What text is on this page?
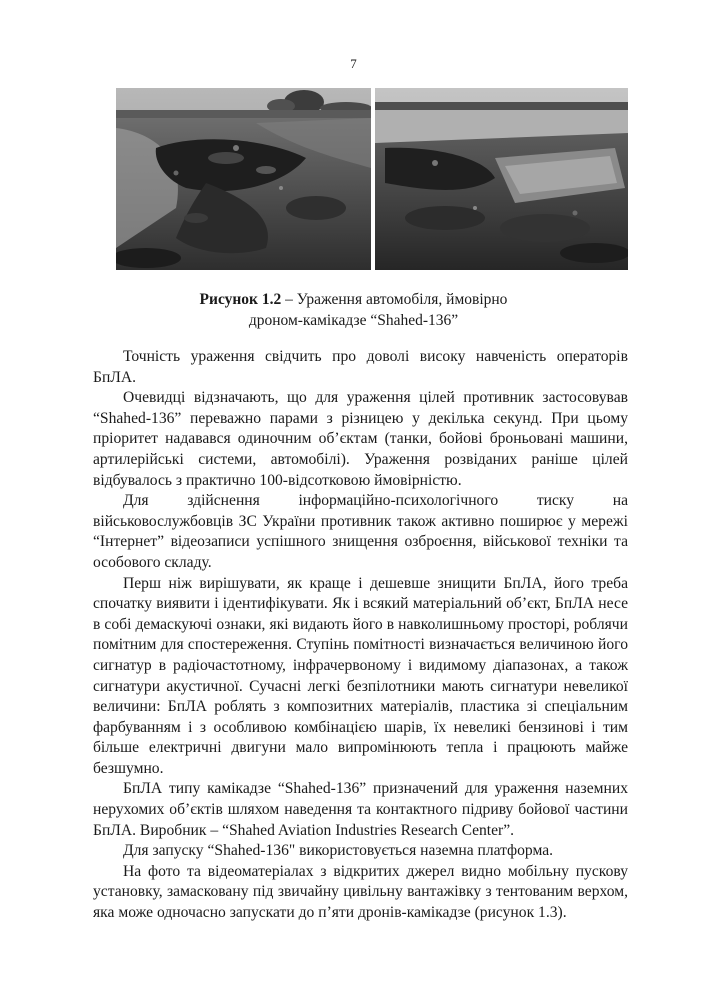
7
Рисунок 1.2 – Ураження автомобіля, ймовірно
дроном-камікадзе “Shahed-136”

Точність ураження свідчить про доволі високу навченість операторів БпЛА.

Очевидці відзначають, що для ураження цілей противник застосовував “Shahed-136” переважно парами з різницею у декілька секунд. При цьому пріоритет надавався одиночним об’єктам (танки, бойові броньовані машини, артилерійські системи, автомобілі). Ураження розвіданих раніше цілей відбувалось з практично 100-відсотковою ймовірністю.

Для здійснення інформаційно-психологічного тиску на військовослужбовців ЗС України противник також активно поширює у мережі “Інтернет” відеозаписи успішного знищення озброєння, військової техніки та особового складу.

Перш ніж вирішувати, як краще і дешевше знищити БпЛА, його треба спочатку виявити і ідентифікувати. Як і всякий матеріальний об’єкт, БпЛА несе в собі демаскуючі ознаки, які видають його в навколишньому просторі, роблячи помітним для спостереження. Ступінь помітності визначається величиною його сигнатур в радіочастотному, інфрачервоному і видимому діапазонах, а також сигнатури акустичної. Сучасні легкі безпілотники мають сигнатури невеликої величини: БпЛА роблять з композитних матеріалів, пластика зі спеціальним фарбуванням і з особливою комбінацією шарів, їх невеликі бензинові і тим більше електричні двигуни мало випромінюють тепла і працюють майже безшумно.

БпЛА типу камікадзе “Shahed-136” призначений для ураження наземних нерухомих об’єктів шляхом наведення та контактного підриву бойової частини БпЛА. Виробник – “Shahed Aviation Industries Research Center”.

Для запуску “Shahed-136" використовується наземна платформа.

На фото та відеоматеріалах з відкритих джерел видно мобільну пускову установку, замасковану під звичайну цивільну вантажівку з тентованим верхом, яка може одночасно запускати до п’яти дронів-камікадзе (рисунок 1.3).
